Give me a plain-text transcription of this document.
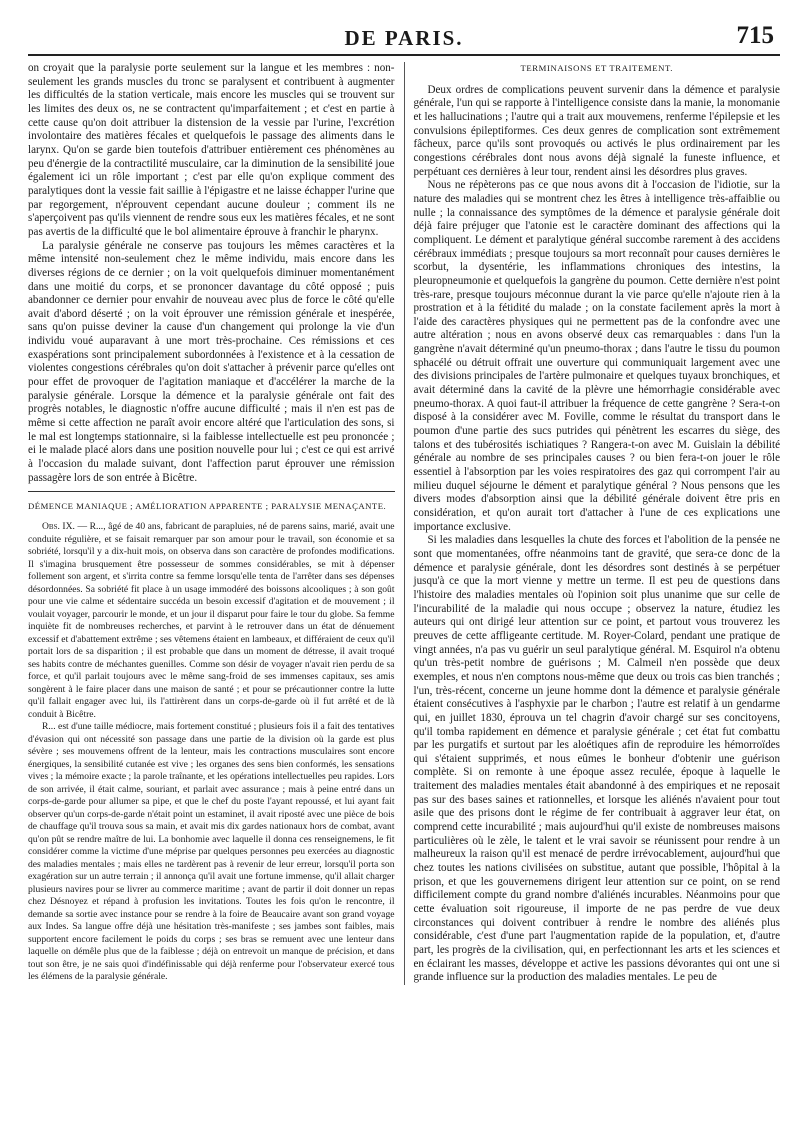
DE PARIS.	715

on croyait que la paralysie porte seulement sur la langue et les membres : non-seulement les grands muscles du tronc se paralysent et contribuent à augmenter les difficultés de la station verticale, mais encore les muscles qui se trouvent sur les limites des deux os, ne se contractent qu'imparfaitement ; et c'est en partie à cette cause qu'on doit attribuer la distension de la vessie par l'urine, l'excrétion involontaire des matières fécales et quelquefois le passage des aliments dans le larynx. Qu'on se garde bien toutefois d'attribuer entièrement ces phénomènes au peu d'énergie de la contractilité musculaire, car la diminution de la sensibilité joue également ici un rôle important ; c'est par elle qu'on explique comment des paralytiques dont la vessie fait saillie à l'épigastre et ne laisse échapper l'urine que par regorgement, n'éprouvent cependant aucune douleur ; comment ils ne s'aperçoivent pas qu'ils viennent de rendre sous eux les matières fécales, et ne sont pas avertis de la difficulté que le bol alimentaire éprouve à franchir le pharynx.

La paralysie générale ne conserve pas toujours les mêmes caractères et la même intensité non-seulement chez le même individu, mais encore dans les diverses régions de ce dernier ; on la voit quelquefois diminuer momentanément dans une moitié du corps, et se prononcer davantage du côté opposé ; puis abandonner ce dernier pour envahir de nouveau avec plus de force le côté qu'elle avait d'abord déserté ; on la voit éprouver une rémission générale et inespérée, sans qu'on puisse deviner la cause d'un changement qui prolonge la vie d'un individu voué auparavant à une mort très-prochaine. Ces rémissions et ces exaspérations sont principalement subordonnées à l'existence et à la cessation de violentes congestions cérébrales qu'on doit s'attacher à prévenir parce qu'elles ont pour effet de provoquer de l'agitation maniaque et d'accélérer la marche de la paralysie générale. Lorsque la démence et la paralysie générale ont fait des progrès notables, le diagnostic n'offre aucune difficulté ; mais il n'en est pas de même si cette affection ne paraît avoir encore altéré que l'articulation des sons, si le mal est longtemps stationnaire, si la faiblesse intellectuelle est peu prononcée ; ei le malade placé alors dans une position nouvelle pour lui ; c'est ce qui est arrivé à l'occasion du malade suivant, dont l'affection parut éprouver une rémission passagère lors de son entrée à Bicêtre.

DÉMENCE MANIAQUE ; AMÉLIORATION APPARENTE ; PARALYSIE MENAÇANTE.

Obs. IX. — R..., âgé de 40 ans, fabricant de parapluies, né de parens sains, marié, avait une conduite régulière, et se faisait remarquer par son amour pour le travail, son économie et sa sobriété, lorsqu'il y a dix-huit mois, on observa dans son caractère de profondes modifications. Il s'imagina brusquement être possesseur de sommes considérables, se mit à dépenser follement son argent, et s'irrita contre sa femme lorsqu'elle tenta de l'arrêter dans ses dépenses désordonnées. Sa sobriété fit place à un usage immodéré des boissons alcooliques ; à son goût pour une vie calme et sédentaire succéda un besoin excessif d'agitation et de mouvement ; il voulait voyager, parcourir le monde, et un jour il disparut pour faire le tour du globe. Sa femme inquiète fit de nombreuses recherches, et parvint à le retrouver dans un état de dénuement excessif et d'abattement extrême ; ses vêtemens étaient en lambeaux, et différaient de ceux qu'il portait lors de sa disparition ; il est probable que dans un moment de détresse, il avait troqué ses habits contre de méchantes guenilles. Comme son désir de voyager n'avait rien perdu de sa force, et qu'il parlait toujours avec le même sang-froid de ses immenses capitaux, ses amis songèrent à le faire placer dans une maison de santé ; et pour se précautionner contre la lutte qu'il fallait engager avec lui, ils l'attirèrent dans un corps-de-garde où il fut arrêté et de là conduit à Bicêtre.

R... est d'une taille médiocre, mais fortement constitué ; plusieurs fois il a fait des tentatives d'évasion qui ont nécessité son passage dans une partie de la division où la garde est plus sévère ; ses mouvemens offrent de la lenteur, mais les contractions musculaires sont encore énergiques, la sensibilité cutanée est vive ; les organes des sens bien conformés, les sensations vives ; la mémoire exacte ; la parole traînante, et les opérations intellectuelles peu rapides. Lors de son arrivée, il était calme, souriant, et parlait avec assurance ; mais à peine entré dans un corps-de-garde pour allumer sa pipe, et que le chef du poste l'ayant repoussé, et lui ayant fait observer qu'un corps-de-garde n'était point un estaminet, il avait riposté avec une pièce de bois de chauffage qu'il trouva sous sa main, et avait mis dix gardes nationaux hors de combat, avant qu'on pût se rendre maître de lui. La bonhomie avec laquelle il donna ces renseignemens, le fit considérer comme la victime d'une méprise par quelques personnes peu exercées au diagnostic des maladies mentales ; mais elles ne tardèrent pas à revenir de leur erreur, lorsqu'il porta son exagération sur un autre terrain ; il annonça qu'il avait une fortune immense, qu'il allait charger plusieurs navires pour se livrer au commerce maritime ; avant de partir il doit donner un repas chez Désnoyez et répand à profusion les invitations. Toutes les fois qu'on le rencontre, il demande sa sortie avec instance pour se rendre à la foire de Beaucaire avant son grand voyage aux Indes. Sa langue offre déjà une hésitation très-manifeste ; ses jambes sont faibles, mais supportent encore facilement le poids du corps ; ses bras se remuent avec une lenteur dans laquelle on démêle plus que de la faiblesse ; déjà on entrevoit un manque de précision, et dans tout son être, je ne sais quoi d'indéfinissable qui déjà renferme pour l'observateur exercé tous les élémens de la paralysie générale.

TERMINAISONS ET TRAITEMENT.

Deux ordres de complications peuvent survenir dans la démence et paralysie générale, l'un qui se rapporte à l'intelligence consiste dans la manie, la monomanie et les hallucinations ; l'autre qui a trait aux mouvemens, renferme l'épilepsie et les convulsions épileptiformes. Ces deux genres de complication sont extrêmement fâcheux, parce qu'ils sont provoqués ou activés le plus ordinairement par les congestions cérébrales dont nous avons déjà signalé la funeste influence, et perpétuant ces dernières à leur tour, rendent ainsi les désordres plus graves.

Nous ne répèterons pas ce que nous avons dit à l'occasion de l'idiotie, sur la nature des maladies qui se montrent chez les êtres à intelligence très-affaiblie ou nulle ; la connaissance des symptômes de la démence et paralysie générale doit déjà faire préjuger que l'atonie est le caractère dominant des affections qui la compliquent. Le dément et paralytique général succombe rarement à des accidens cérébraux immédiats ; presque toujours sa mort reconnaît pour causes dernières le scorbut, la dysentérie, les inflammations chroniques des intestins, la pleuropneumonie et quelquefois la gangrène du poumon. Cette dernière n'est point très-rare, presque toujours méconnue durant la vie parce qu'elle n'ajoute rien à la prostration et à la fétidité du malade ; on la constate facilement après la mort à l'aide des caractères physiques qui ne permettent pas de la confondre avec une autre altération ; nous en avons observé deux cas remarquables : dans l'un la gangrène n'avait déterminé qu'un pneumo-thorax ; dans l'autre le tissu du poumon sphacélé ou détruit offrait une ouverture qui communiquait largement avec une des divisions principales de l'artère pulmonaire et quelques tuyaux bronchiques, et avait déterminé dans la cavité de la plèvre une hémorrhagie considérable avec pneumo-thorax. A quoi faut-il attribuer la fréquence de cette gangrène ? Sera-t-on disposé à la considérer avec M. Foville, comme le résultat du transport dans le poumon d'une partie des sucs putrides qui pénètrent les escarres du siège, des talons et des tubérosités ischiatiques ? Rangera-t-on avec M. Guislain la débilité générale au nombre de ses principales causes ? ou bien fera-t-on jouer le rôle essentiel à l'absorption par les voies respiratoires des gaz qui corrompent l'air au milieu duquel séjourne le dément et paralytique général ? Nous pensons que les divers modes d'absorption ainsi que la débilité générale doivent être pris en considération, et qu'on aurait tort d'attacher à l'une de ces explications une importance exclusive.

Si les maladies dans lesquelles la chute des forces et l'abolition de la pensée ne sont que momentanées, offre néanmoins tant de gravité, que sera-ce donc de la démence et paralysie générale, dont les désordres sont destinés à se perpétuer jusqu'à ce que la mort vienne y mettre un terme. Il est peu de questions dans l'histoire des maladies mentales où l'opinion soit plus unanime que sur celle de l'incurabilité de la maladie qui nous occupe ; observez la nature, étudiez les auteurs qui ont dirigé leur attention sur ce point, et partout vous trouverez les preuves de cette affligeante certitude. M. Royer-Colard, pendant une pratique de vingt années, n'a pas vu guérir un seul paralytique général. M. Esquirol n'a obtenu qu'un très-petit nombre de guérisons ; M. Calmeil n'en possède que deux exemples, et nous n'en comptons nous-même que deux ou trois cas bien tranchés ; l'un, très-récent, concerne un jeune homme dont la démence et paralysie générale étaient consécutives à l'asphyxie par le charbon ; l'autre est relatif à un gendarme qui, en juillet 1830, éprouva un tel chagrin d'avoir chargé sur ses concitoyens, qu'il tomba rapidement en démence et paralysie générale ; cet état fut combattu par les purgatifs et surtout par les aloétiques afin de reproduire les hémorroïdes qui s'étaient supprimés, et nous eûmes le bonheur d'obtenir une guérison complète. Si on remonte à une époque assez reculée, époque à laquelle le traitement des maladies mentales était abandonné à des empiriques et ne reposait pas sur des bases saines et rationnelles, et lorsque les aliénés n'avaient pour tout asile que des prisons dont le régime de fer contribuait à aggraver leur état, on comprend cette incurabilité ; mais aujourd'hui qu'il existe de nombreuses maisons particulières où le zèle, le talent et le vrai savoir se réunissent pour rendre à un malheureux la raison qu'il est menacé de perdre irrévocablement, aujourd'hui que chez toutes les nations civilisées on substitue, autant que possible, l'hôpital à la prison, et que les gouvernemens dirigent leur attention sur ce point, on se rend difficilement compte du grand nombre d'aliénés incurables. Néanmoins pour que cette évaluation soit rigoureuse, il importe de ne pas perdre de vue deux circonstances qui doivent contribuer à rendre le nombre des aliénés plus considérable, c'est d'une part l'augmentation rapide de la population, et, d'autre part, les progrès de la civilisation, qui, en perfectionnant les arts et les sciences et en éclairant les masses, développe et active les passions dévorantes qui ont une si grande influence sur la production des maladies mentales. Le peu de
